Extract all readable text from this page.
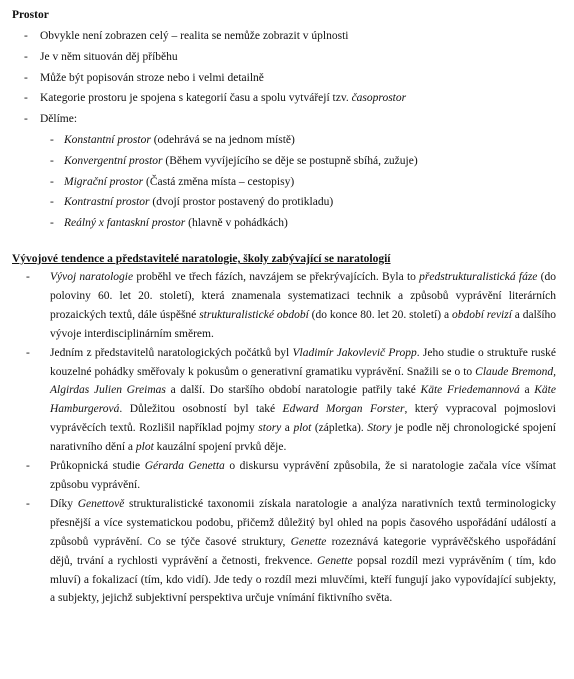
Prostor
- Obvykle není zobrazen celý – realita se nemůže zobrazit v úplnosti
- Je v něm situován děj příběhu
- Může být popisován stroze nebo i velmi detailně
- Kategorie prostoru je spojena s kategorií času a spolu vytvářejí tzv. časoprostor
- Dělíme:
- Konstantní prostor (odehrává se na jednom místě)
- Konvergentní prostor (Během vyvíjejícího se děje se postupně sbíhá, zužuje)
- Migrační prostor (Častá změna místa – cestopisy)
- Kontrastní prostor (dvojí prostor postavený do protikladu)
- Reálný x fantaskní prostor (hlavně v pohádkách)
Vývojové tendence a představitelé naratologie, školy zabývající se naratologií
- Vývoj naratologie proběhl ve třech fázích, navzájem se překrývajících. Byla to předstrukturalistická fáze (do poloviny 60. let 20. století), která znamenala systematizaci technik a způsobů vyprávění literárních prozaických textů, dále úspěšné strukturalistické období (do konce 80. let 20. století) a období revizí a dalšího vývoje interdisciplinárním směrem.
- Jedním z představitelů naratologických počátků byl Vladimír Jakovlevič Propp. Jeho studie o struktuře ruské kouzelné pohádky směřovaly k pokusům o generativní gramatiku vyprávění. Snažili se o to Claude Bremond, Algirdas Julien Greimas a další. Do staršího období naratologie patřily také Käte Friedemannová a Käte Hamburgerová. Důležitou osobností byl také Edward Morgan Forster, který vypracoval pojmoslovi vyprávěcích textů. Rozlišil například pojmy story a plot (zápletka). Story je podle něj chronologické spojení narativního dění a plot kauzální spojení prvků děje.
- Průkopnická studie Gérarda Genetta o diskursu vyprávění způsobila, že si naratologie začala více všímat způsobu vyprávění.
- Díky Genettově strukturalistické taxonomii získala naratologie a analýza narativních textů terminologicky přesnější a více systematickou podobu, přičemž důležitý byl ohled na popis časového uspořádání událostí a způsobů vyprávění. Co se týče časové struktury, Genette rozeznává kategorie vyprávěčského uspořádání dějů, trvání a rychlosti vyprávění a četnosti, frekvence. Genette popsal rozdíl mezi vyprávěním ( tím, kdo mluví) a fokalizací (tím, kdo vidí). Jde tedy o rozdíl mezi mluvčími, kteří fungují jako vypovídající subjekty, a subjekty, jejichž subjektivní perspektiva určuje vnímání fiktivního světa.
